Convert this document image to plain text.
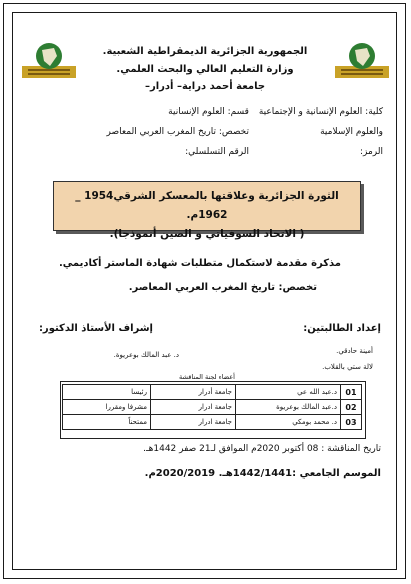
الجمهورية الجزائرية الديمقراطية الشعبية.
وزارة التعليم العالي والبحث العلمي.
جامعة أحمد دراية– أدرار–
كلية: العلوم الإنسانية و الإجتماعية
والعلوم الإسلامية
الرمز:
قسم: العلوم الإنسانية
تخصص: تاريخ المغرب العربي المعاصر
الرقم التسلسلي:
الثورة الجزائرية وعلاقتها بالمعسكر الشرقي1954 _ 1962م.
( الاتحاد السوفياتي و الصين أنموذجا).
مذكرة مقدمة لاستكمال متطلبات شهادة الماستر أكاديمي.
تخصص: تاريخ المغرب العربي المعاصر.
إعداد الطالبتين:
أمينة حادقي.
لالة ستي بالقلاب.
إشراف الأستاذ الدكتور:
د. عبد المالك بوعريوة.
أعضاء لجنة المناقشة
01	د.عبد الله عي	جامعة أدرار	رئيسا
02	د.عبد المالك بوعريوة	جامعة ادرار	مشرفا ومقررا
03	د. محمد بومكي	جامعة ادرار	ممتحناً
تاريخ المناقشة : 08 أكتوبر 2020م الموافق لـ21 صفر 1442هـ.
الموسم الجامعي :1442/1441هـ. 2020/2019م.
